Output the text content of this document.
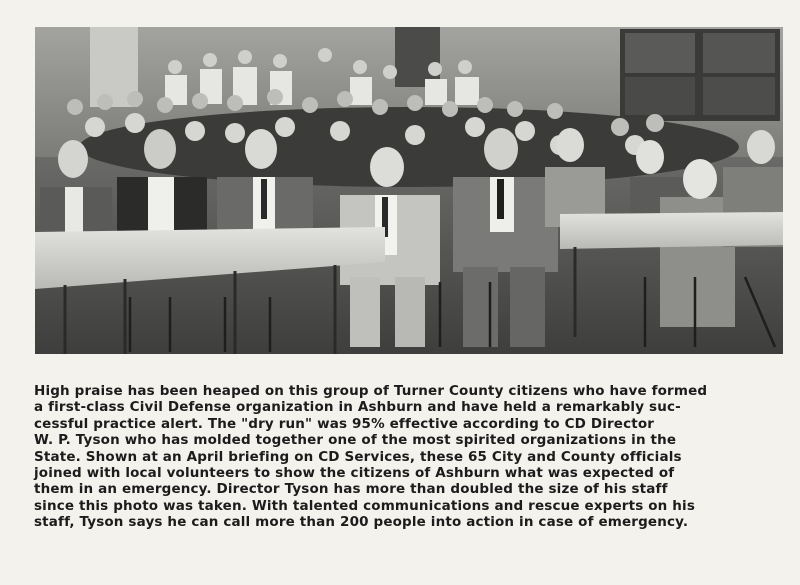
High praise has been heaped on this group of Turner County citizens who have formed
a first-class Civil Defense organization in Ashburn and have held a remarkably suc-
cessful practice alert. The "dry run" was 95% effective according to CD Director
W. P. Tyson who has molded together one of the most spirited organizations in the
State. Shown at an April briefing on CD Services, these 65 City and County officials
joined with local volunteers to show the citizens of Ashburn what was expected of
them in an emergency. Director Tyson has more than doubled the size of his staff
since this photo was taken. With talented communications and rescue experts on his
staff, Tyson says he can call more than 200 people into action in case of emergency.
